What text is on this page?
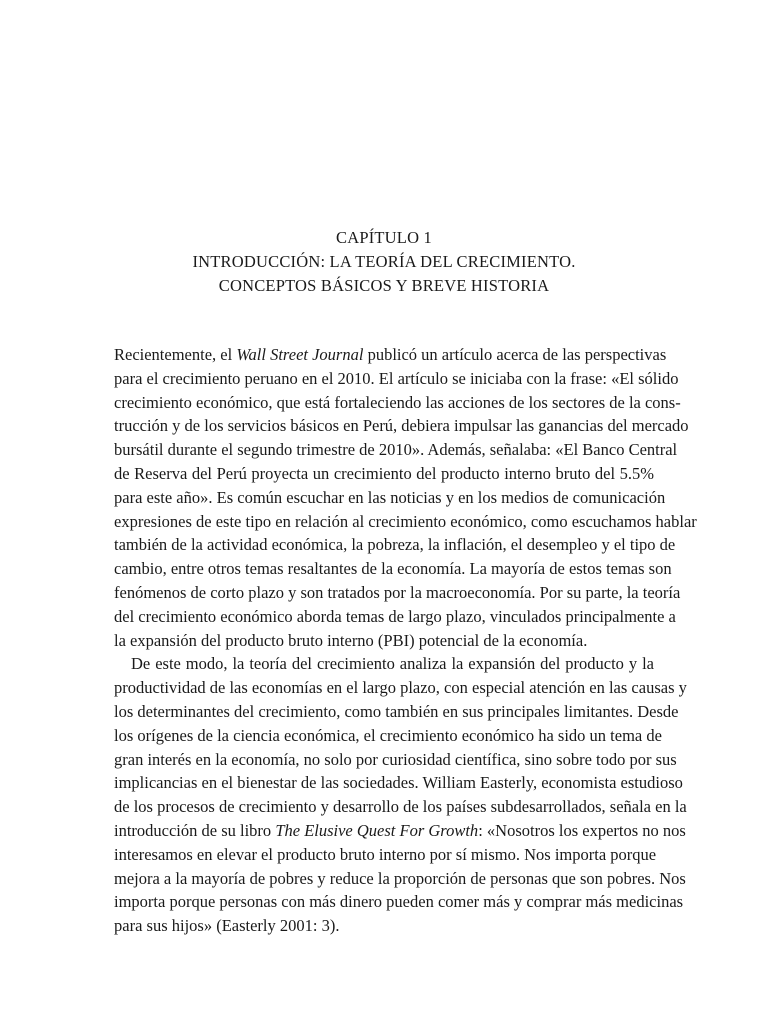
CAPÍTULO 1
INTRODUCCIÓN: LA TEORÍA DEL CRECIMIENTO.
CONCEPTOS BÁSICOS Y BREVE HISTORIA
Recientemente, el Wall Street Journal publicó un artículo acerca de las perspectivas
para el crecimiento peruano en el 2010. El artículo se iniciaba con la frase: «El sólido
crecimiento económico, que está fortaleciendo las acciones de los sectores de la cons-
trucción y de los servicios básicos en Perú, debiera impulsar las ganancias del mercado
bursátil durante el segundo trimestre de 2010». Además, señalaba: «El Banco Central
de Reserva del Perú proyecta un crecimiento del producto interno bruto del 5.5%
para este año». Es común escuchar en las noticias y en los medios de comunicación
expresiones de este tipo en relación al crecimiento económico, como escuchamos hablar
también de la actividad económica, la pobreza, la inflación, el desempleo y el tipo de
cambio, entre otros temas resaltantes de la economía. La mayoría de estos temas son
fenómenos de corto plazo y son tratados por la macroeconomía. Por su parte, la teoría
del crecimiento económico aborda temas de largo plazo, vinculados principalmente a
la expansión del producto bruto interno (PBI) potencial de la economía.
De este modo, la teoría del crecimiento analiza la expansión del producto y la
productividad de las economías en el largo plazo, con especial atención en las causas y
los determinantes del crecimiento, como también en sus principales limitantes. Desde
los orígenes de la ciencia económica, el crecimiento económico ha sido un tema de
gran interés en la economía, no solo por curiosidad científica, sino sobre todo por sus
implicancias en el bienestar de las sociedades. William Easterly, economista estudioso
de los procesos de crecimiento y desarrollo de los países subdesarrollados, señala en la
introducción de su libro The Elusive Quest For Growth: «Nosotros los expertos no nos
interesamos en elevar el producto bruto interno por sí mismo. Nos importa porque
mejora a la mayoría de pobres y reduce la proporción de personas que son pobres. Nos
importa porque personas con más dinero pueden comer más y comprar más medicinas
para sus hijos» (Easterly 2001: 3).
